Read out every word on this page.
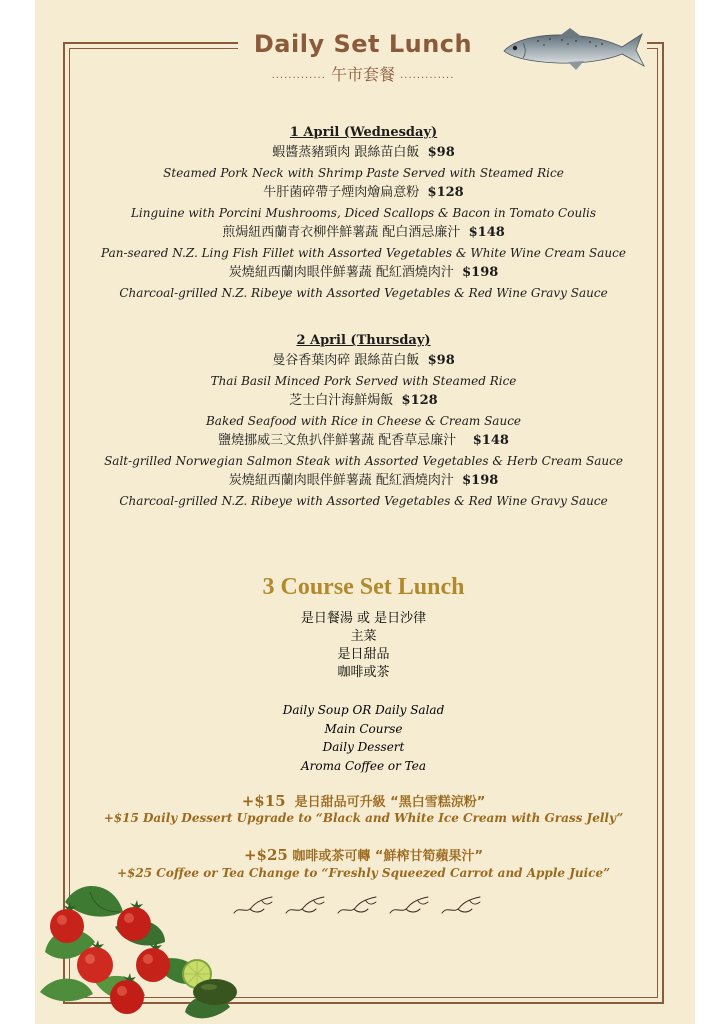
Daily Set Lunch
............. 午市套餐 .............
1 April (Wednesday)
蝦醬蒸豬頸肉 跟絲苗白飯 $98
Steamed Pork Neck with Shrimp Paste Served with Steamed Rice
牛肝菌碎帶子煙肉燴扁意粉 $128
Linguine with Porcini Mushrooms, Diced Scallops & Bacon in Tomato Coulis
煎焗紐西蘭青衣柳伴鮮薯蔬 配白酒忌廉汁 $148
Pan-seared N.Z. Ling Fish Fillet with Assorted Vegetables & White Wine Cream Sauce
炭燒紐西蘭肉眼伴鮮薯蔬 配紅酒燒肉汁 $198
Charcoal-grilled N.Z. Ribeye with Assorted Vegetables & Red Wine Gravy Sauce
2 April (Thursday)
曼谷香葉肉碎 跟絲苗白飯 $98
Thai Basil Minced Pork Served with Steamed Rice
芝士白汁海鮮焗飯 $128
Baked Seafood with Rice in Cheese & Cream Sauce
鹽燒挪威三文魚扒伴鮮薯蔬 配香草忌廉汁 $148
Salt-grilled Norwegian Salmon Steak with Assorted Vegetables & Herb Cream Sauce
炭燒紐西蘭肉眼伴鮮薯蔬 配紅酒燒肉汁 $198
Charcoal-grilled N.Z. Ribeye with Assorted Vegetables & Red Wine Gravy Sauce
3 Course Set Lunch
是日餐湯 或 是日沙律
主菜
是日甜品
咖啡或茶
Daily Soup OR Daily Salad
Main Course
Daily Dessert
Aroma Coffee or Tea
+$15 是日甜品可升級 “黑白雪糕涼粉”
+$15 Daily Dessert Upgrade to “Black and White Ice Cream with Grass Jelly”
+$25 咖啡或茶可轉 “鮮榨甘筍蘋果汁”
+$25 Coffee or Tea Change to “Freshly Squeezed Carrot and Apple Juice”
